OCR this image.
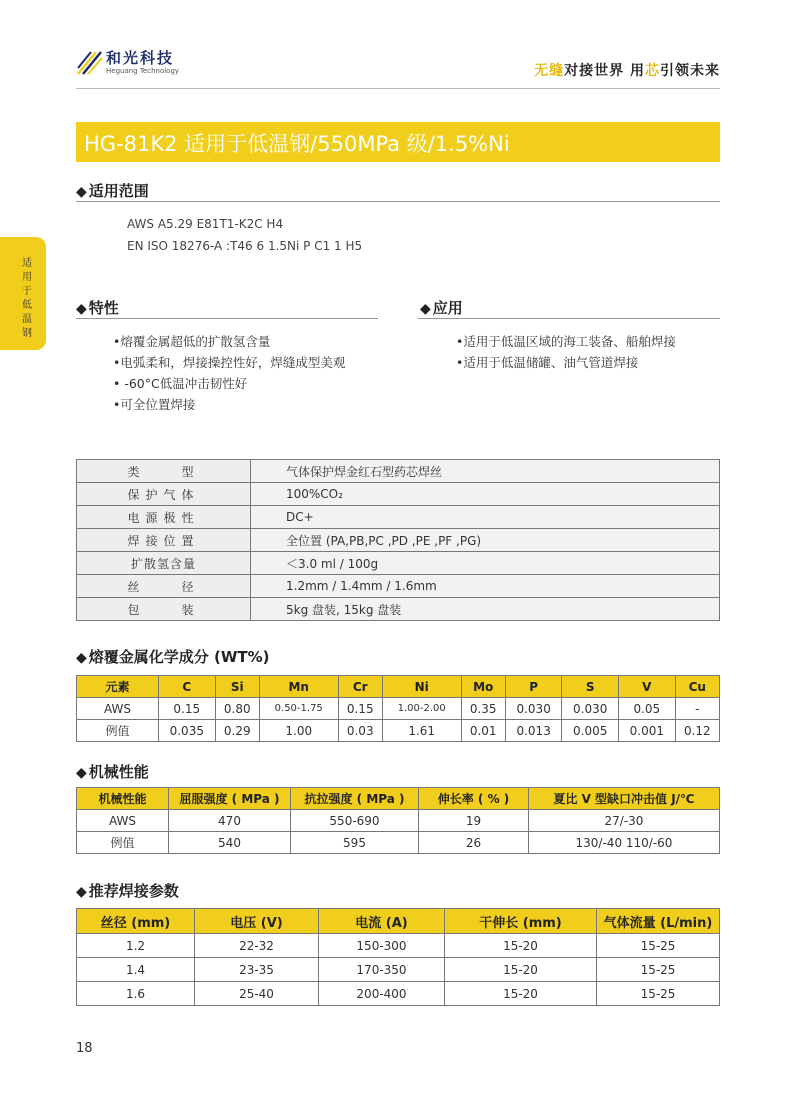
和光科技
Heguang Technology	无缝对接世界 用芯引领未来
HG-81K2 适用于低温钢/550MPa 级/1.5%Ni
适用于低温钢
◆ 适用范围
AWS A5.29 E81T1-K2C H4
EN ISO 18276-A :T46 6 1.5Ni P C1 1 H5
◆ 特性
•熔覆金属超低的扩散氢含量
•电弧柔和，焊接操控性好，焊缝成型美观
• -60°C低温冲击韧性好
•可全位置焊接
◆ 应用
•适用于低温区域的海工装备、船舶焊接
•适用于低温储罐、油气管道焊接
类　　型	气体保护焊金红石型药芯焊丝
保护气体	100%CO₂
电源极性	DC+
焊接位置	全位置 (PA,PB,PC ,PD ,PE ,PF ,PG)
扩散氢含量	＜3.0 ml / 100g
丝　　径	1.2mm / 1.4mm / 1.6mm
包　　装	5kg 盘装, 15kg 盘装
◆ 熔覆金属化学成分 (WT%)
元素	C	Si	Mn	Cr	Ni	Mo	P	S	V	Cu
AWS	0.15	0.80	0.50-1.75	0.15	1.00-2.00	0.35	0.030	0.030	0.05	-
例值	0.035	0.29	1.00	0.03	1.61	0.01	0.013	0.005	0.001	0.12
◆ 机械性能
机械性能	屈服强度 ( MPa )	抗拉强度 ( MPa )	伸长率 ( % )	夏比 V 型缺口冲击值 J/℃
AWS	470	550-690	19	27/-30
例值	540	595	26	130/-40 110/-60
◆ 推荐焊接参数
丝径 (mm)	电压 (V)	电流 (A)	干伸长 (mm)	气体流量 (L/min)
1.2	22-32	150-300	15-20	15-25
1.4	23-35	170-350	15-20	15-25
1.6	25-40	200-400	15-20	15-25
18
